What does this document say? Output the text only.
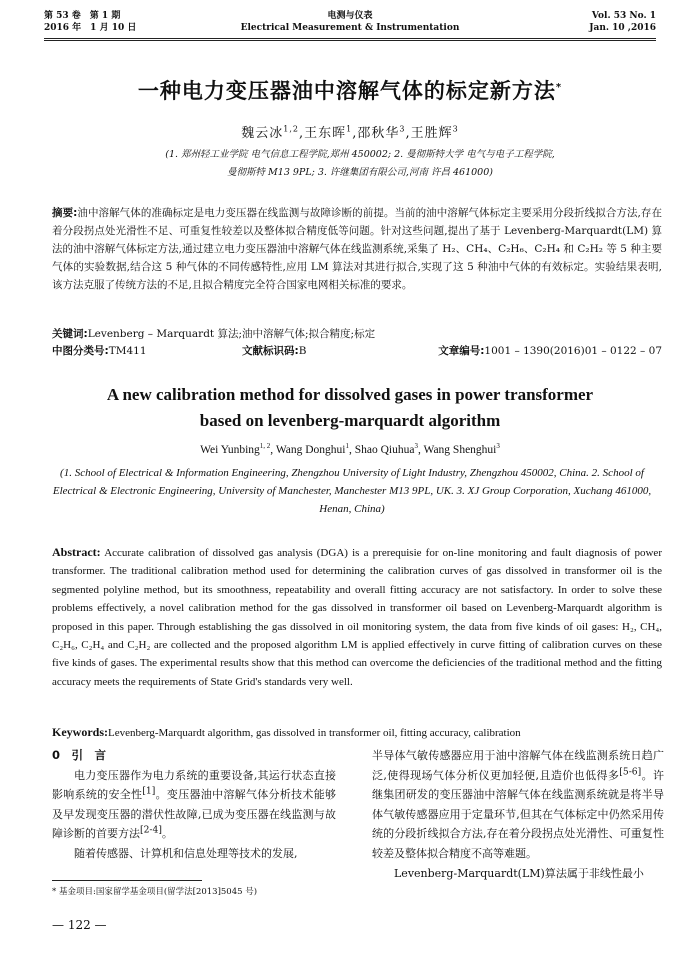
第 53 卷　第 1 期
2016 年　1 月 10 日
电测与仪表
Electrical Measurement & Instrumentation
Vol. 53 No. 1
Jan. 10 ,2016
一种电力变压器油中溶解气体的标定新方法*
魏云冰$^{1,2}$,王东晖$^1$,邵秋华$^3$,王胜辉$^3$
(1. 郑州轻工业学院 电气信息工程学院,郑州 450002; 2. 曼彻斯特大学 电气与电子工程学院,
曼彻斯特 M13 9PL; 3. 许继集团有限公司,河南 许昌 461000)
摘要:油中溶解气体的准确标定是电力变压器在线监测与故障诊断的前提。当前的油中溶解气体标定主要采用分段折线拟合方法,存在着分段拐点处光滑性不足、可重复性较差以及整体拟合精度低等问题。针对这些问题,提出了基于 Levenberg-Marquardt(LM) 算法的油中溶解气体标定方法,通过建立电力变压器油中溶解气体在线监测系统,采集了 H₂、CH₄、C₂H₆、C₂H₄ 和 C₂H₂ 等 5 种主要气体的实验数据,结合这 5 种气体的不同传感特性,应用 LM 算法对其进行拟合,实现了这 5 种油中气体的有效标定。实验结果表明,该方法克服了传统方法的不足,且拟合精度完全符合国家电网相关标准的要求。
关键词:Levenberg – Marquardt 算法;油中溶解气体;拟合精度;标定
中图分类号:TM411	文献标识码:B	文章编号:1001 – 1390(2016)01 – 0122 – 07
A new calibration method for dissolved gases in power transformer
based on levenberg-marquardt algorithm
Wei Yunbing$^{1, 2}$, Wang Donghui$^1$, Shao Qiuhua$^3$, Wang Shenghui$^3$
(1. School of Electrical & Information Engineering, Zhengzhou University of Light Industry, Zhengzhou 450002, China. 2. School of Electrical & Electronic Engineering, University of Manchester, Manchester M13 9PL, UK. 3. XJ Group Corporation, Xuchang 461000, Henan, China)
Abstract: Accurate calibration of dissolved gas analysis (DGA) is a prerequisie for on-line monitoring and fault diagnosis of power transformer. The traditional calibration method used for determining the calibration curves of gas dissolved in transformer oil is the segmented polyline method, but its smoothness, repeatability and overall fitting accuracy are not satisfactory. In order to solve these problems effectively, a novel calibration method for the gas dissolved in transformer oil based on Levenberg-Marquardt algorithm is proposed in this paper. Through establishing the gas dissolved in oil monitoring system, the data from five kinds of oil gases: H₂, CH₄, C₂H₆, C₂H₄ and C₂H₂ are collected and the proposed algorithm LM is applied effectively in curve fitting of calibration curves on these five kinds of gases. The experimental results show that this method can overcome the deficiencies of the traditional method and the fitting accuracy meets the requirements of State Grid's standards very well.
Keywords:Levenberg-Marquardt algorithm, gas dissolved in transformer oil, fitting accuracy, calibration
0　引　言
电力变压器作为电力系统的重要设备,其运行状态直接影响系统的安全性[1]。变压器油中溶解气体分析技术能够及早发现变压器的潜伏性故障,已成为变压器在线监测与故障诊断的首要方法[2-4]。
随着传感器、计算机和信息处理等技术的发展,
半导体气敏传感器应用于油中溶解气体在线监测系统日趋广泛,使得现场气体分析仪更加轻便,且造价也低得多[5-6]。许继集团研发的变压器油中溶解气体在线监测系统就是将半导体气敏传感器应用于定量环节,但其在气体标定中仍然采用传统的分段折线拟合方法,存在着分段拐点处光滑性、可重复性较差及整体拟合精度不高等难题。
Levenberg-Marquardt(LM)算法属于非线性最小
* 基金项目:国家留学基金项目(留学法[2013]5045 号)
— 122 —
